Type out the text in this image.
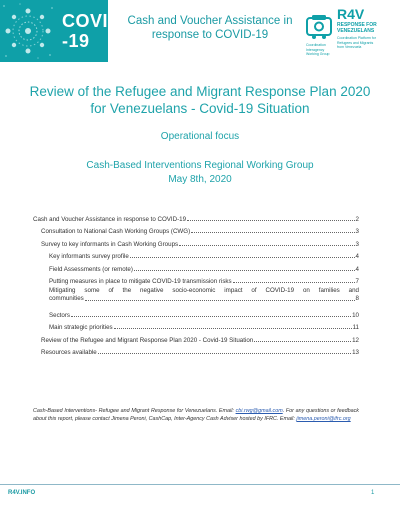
COVID
-19
Cash and Voucher Assistance in
response to COVID-19
R4V
RESPONSE FOR
VENEZUELANS
Coordination Platform for
Refugees and Migrants
from Venezuela
Coordination
Interagency
Working Group
Review of the Refugee and Migrant Response Plan 2020
for Venezuelans - Covid-19 Situation
Operational focus
Cash-Based Interventions Regional Working Group
May 8th, 2020
Cash and Voucher Assistance in response to COVID-19	2
Consultation to National Cash Working Groups (CWG)	3
Survey to key informants in Cash Working Groups	3
Key informants survey profile	4
Field Assessments (or remote)	4
Putting measures in place to mitigate COVID-19 transmission risks	7
Mitigating some of the negative socio-economic impact of COVID-19 on families and
communities	8
Sectors	10
Main strategic priorities	11
Review of the Refugee and Migrant Response Plan 2020 - Covid-19 Situation	12
Resources available	13
Cash-Based Interventions- Refugee and Migrant Response for Venezuelans. Email: cbi.rwg@gmail.com. For any questions or feedback about this report, please contact Jimena Peroni, CashCap, Inter-Agency Cash Adviser hosted by IFRC. Email: jimena.peroni@ifrc.org
R4V.INFO	1
